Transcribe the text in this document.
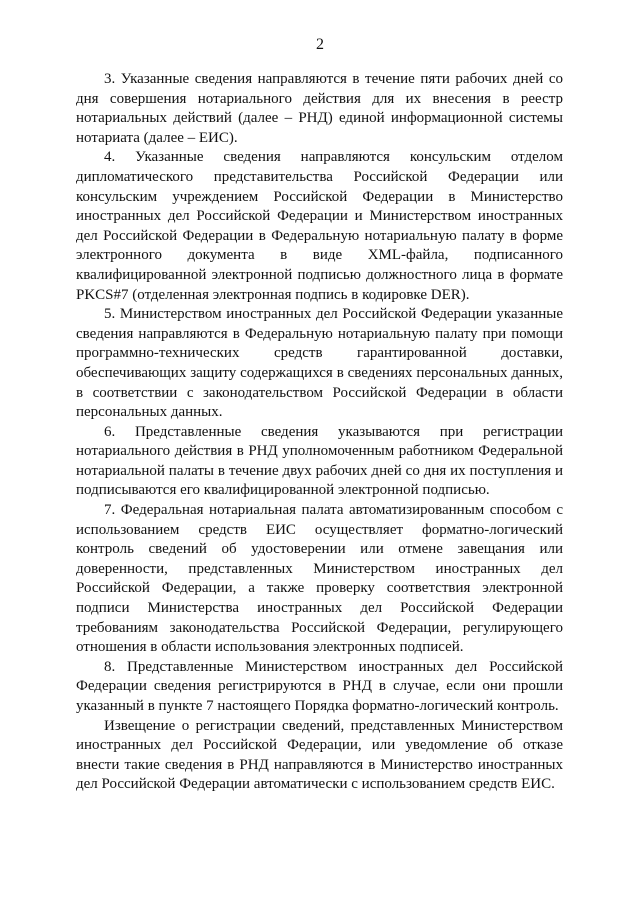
2

3. Указанные сведения направляются в течение пяти рабочих дней со дня совершения нотариального действия для их внесения в реестр нотариальных действий (далее – РНД) единой информационной системы нотариата (далее – ЕИС).

4. Указанные сведения направляются консульским отделом дипломатического представительства Российской Федерации или консульским учреждением Российской Федерации в Министерство иностранных дел Российской Федерации и Министерством иностранных дел Российской Федерации в Федеральную нотариальную палату в форме электронного документа в виде XML-файла, подписанного квалифицированной электронной подписью должностного лица в формате PKCS#7 (отделенная электронная подпись в кодировке DER).

5. Министерством иностранных дел Российской Федерации указанные сведения направляются в Федеральную нотариальную палату при помощи программно-технических средств гарантированной доставки, обеспечивающих защиту содержащихся в сведениях персональных данных, в соответствии с законодательством Российской Федерации в области персональных данных.

6. Представленные сведения указываются при регистрации нотариального действия в РНД уполномоченным работником Федеральной нотариальной палаты в течение двух рабочих дней со дня их поступления и подписываются его квалифицированной электронной подписью.

7. Федеральная нотариальная палата автоматизированным способом с использованием средств ЕИС осуществляет форматно-логический контроль сведений об удостоверении или отмене завещания или доверенности, представленных Министерством иностранных дел Российской Федерации, а также проверку соответствия электронной подписи Министерства иностранных дел Российской Федерации требованиям законодательства Российской Федерации, регулирующего отношения в области использования электронных подписей.

8. Представленные Министерством иностранных дел Российской Федерации сведения регистрируются в РНД в случае, если они прошли указанный в пункте 7 настоящего Порядка форматно-логический контроль.

Извещение о регистрации сведений, представленных Министерством иностранных дел Российской Федерации, или уведомление об отказе внести такие сведения в РНД направляются в Министерство иностранных дел Российской Федерации автоматически с использованием средств ЕИС.
